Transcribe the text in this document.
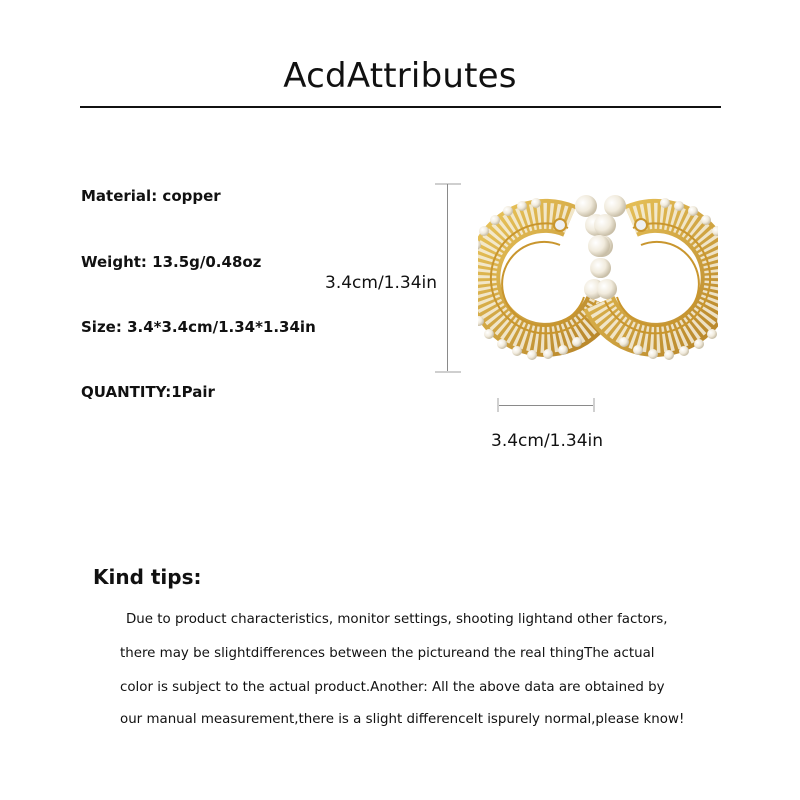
AcdAttributes
Material: copper
Weight: 13.5g/0.48oz
Size: 3.4*3.4cm/1.34*1.34in
QUANTITY:1Pair
3.4cm/1.34in
3.4cm/1.34in
Kind tips:
Due to product characteristics, monitor settings, shooting lightand other factors,
there may be slightdifferences between the pictureand the real thingThe actual
color is subject to the actual product.Another: All the above data are obtained by
our manual measurement,there is a slight differenceIt ispurely normal,please know!
